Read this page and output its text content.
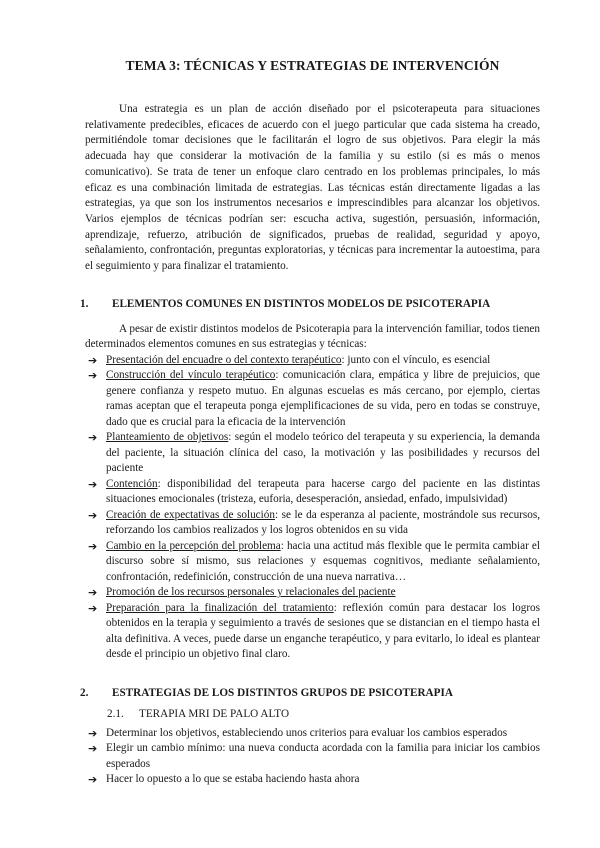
TEMA 3: TÉCNICAS Y ESTRATEGIAS DE INTERVENCIÓN

Una estrategia es un plan de acción diseñado por el psicoterapeuta para situaciones relativamente predecibles, eficaces de acuerdo con el juego particular que cada sistema ha creado, permitiéndole tomar decisiones que le facilitarán el logro de sus objetivos. Para elegir la más adecuada hay que considerar la motivación de la familia y su estilo (si es más o menos comunicativo). Se trata de tener un enfoque claro centrado en los problemas principales, lo más eficaz es una combinación limitada de estrategias. Las técnicas están directamente ligadas a las estrategias, ya que son los instrumentos necesarios e imprescindibles para alcanzar los objetivos. Varios ejemplos de técnicas podrían ser: escucha activa, sugestión, persuasión, información, aprendizaje, refuerzo, atribución de significados, pruebas de realidad, seguridad y apoyo, señalamiento, confrontación, preguntas exploratorias, y técnicas para incrementar la autoestima, para el seguimiento y para finalizar el tratamiento.

1.	ELEMENTOS COMUNES EN DISTINTOS MODELOS DE PSICOTERAPIA

A pesar de existir distintos modelos de Psicoterapia para la intervención familiar, todos tienen determinados elementos comunes en sus estrategias y técnicas:

➔ Presentación del encuadre o del contexto terapéutico: junto con el vínculo, es esencial
➔ Construcción del vínculo terapéutico: comunicación clara, empática y libre de prejuicios, que genere confianza y respeto mutuo. En algunas escuelas es más cercano, por ejemplo, ciertas ramas aceptan que el terapeuta ponga ejemplificaciones de su vida, pero en todas se construye, dado que es crucial para la eficacia de la intervención
➔ Planteamiento de objetivos: según el modelo teórico del terapeuta y su experiencia, la demanda del paciente, la situación clínica del caso, la motivación y las posibilidades y recursos del paciente
➔ Contención: disponibilidad del terapeuta para hacerse cargo del paciente en las distintas situaciones emocionales (tristeza, euforia, desesperación, ansiedad, enfado, impulsividad)
➔ Creación de expectativas de solución: se le da esperanza al paciente, mostrándole sus recursos, reforzando los cambios realizados y los logros obtenidos en su vida
➔ Cambio en la percepción del problema: hacia una actitud más flexible que le permita cambiar el discurso sobre sí mismo, sus relaciones y esquemas cognitivos, mediante señalamiento, confrontación, redefinición, construcción de una nueva narrativa…
➔ Promoción de los recursos personales y relacionales del paciente
➔ Preparación para la finalización del tratamiento: reflexión común para destacar los logros obtenidos en la terapia y seguimiento a través de sesiones que se distancian en el tiempo hasta el alta definitiva. A veces, puede darse un enganche terapéutico, y para evitarlo, lo ideal es plantear desde el principio un objetivo final claro.
2.	ESTRATEGIAS DE LOS DISTINTOS GRUPOS DE PSICOTERAPIA
2.1.	TERAPIA MRI DE PALO ALTO
➔ Determinar los objetivos, estableciendo unos criterios para evaluar los cambios esperados
➔ Elegir un cambio mínimo: una nueva conducta acordada con la familia para iniciar los cambios esperados
➔ Hacer lo opuesto a lo que se estaba haciendo hasta ahora
